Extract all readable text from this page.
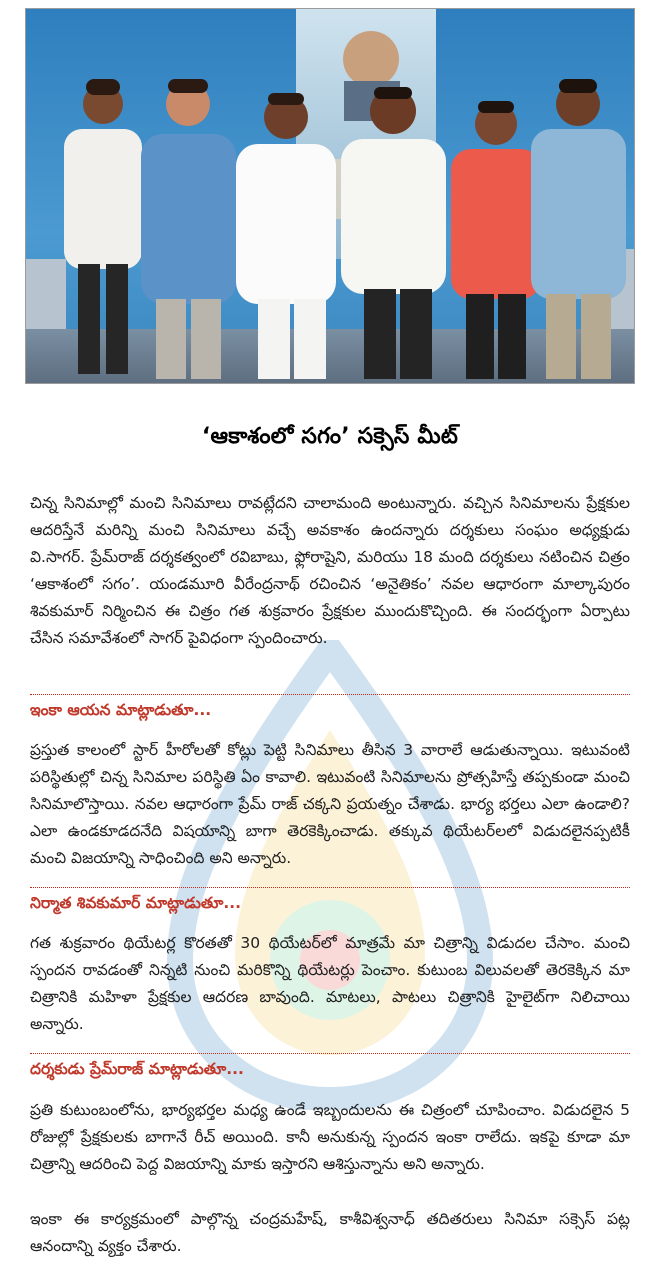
‘ఆకాశంలో సగం’ సక్సెస్ మీట్

చిన్న సినిమాల్లో మంచి సినిమాలు రావట్లేదని చాలామంది అంటున్నారు. వచ్చిన సినిమాలను ప్రేక్షకుల ఆదరిస్తేనే మరిన్ని మంచి సినిమాలు వచ్చే అవకాశం ఉందన్నారు దర్శకులు సంఘం అధ్యక్షుడు వి.సాగర్. ప్రేమ్‌రాజ్ దర్శకత్వంలో రవిబాబు, ఫ్లోరాషైని, మరియు 18 మంది దర్శకులు నటించిన చిత్రం ‘ఆకాశంలో సగం’. యండమూరి వీరేంద్రనాథ్ రచించిన ‘అనైతికం’ నవల ఆధారంగా మాల్కాపురం శివకుమార్ నిర్మించిన ఈ చిత్రం గత శుక్రవారం ప్రేక్షకుల ముందుకొచ్చింది. ఈ సందర్భంగా ఏర్పాటు చేసిన సమావేశంలో సాగర్ పైవిధంగా స్పందించారు.

ఇంకా ఆయన మాట్లాడుతూ...

ప్రస్తుత కాలంలో స్టార్ హీరోలతో కోట్లు పెట్టి సినిమాలు తీసిన 3 వారాలే ఆడుతున్నాయి. ఇటువంటి పరిస్థితుల్లో చిన్న సినిమాల పరిస్థితి ఏం కావాలి. ఇటువంటి సినిమాలను ప్రోత్సహిస్తే తప్పకుండా మంచి సినిమాలొస్తాయి. నవల ఆధారంగా ప్రేమ్ రాజ్ చక్కని ప్రయత్నం చేశాడు. భార్య భర్తలు ఎలా ఉండాలి? ఎలా ఉండకూడదనేది విషయాన్ని బాగా తెరకెక్కించాడు. తక్కువ థియేటర్‌లలో విడుదలైనప్పటికీ మంచి విజయాన్ని సాధించింది అని అన్నారు.

నిర్మాత శివకుమార్ మాట్లాడుతూ...

గత శుక్రవారం థియేటర్ల కొరతతో 30 థియేటర్‌లో మాత్రమే మా చిత్రాన్ని విడుదల చేసాం. మంచి స్పందన రావడంతో నిన్నటి నుంచి మరికొన్ని థియేటర్లు పెంచాం. కుటుంబ విలువలతో తెరకెక్కిన మా చిత్రానికి మహిళా ప్రేక్షకుల ఆదరణ బావుంది. మాటలు, పాటలు చిత్రానికి హైలైట్‌గా నిలిచాయి అన్నారు.

దర్శకుడు ప్రేమ్‌రాజ్ మాట్లాడుతూ...

ప్రతి కుటుంబంలోను, భార్యభర్తల మధ్య ఉండే ఇబ్బందులను ఈ చిత్రంలో చూపించాం. విడుదలైన 5 రోజుల్లో ప్రేక్షకులకు బాగానే రీచ్ అయింది. కానీ అనుకున్న స్పందన ఇంకా రాలేదు. ఇకపై కూడా మా చిత్రాన్ని ఆదరించి పెద్ద విజయాన్ని మాకు ఇస్తారని ఆశిస్తున్నాను అని అన్నారు.

ఇంకా ఈ కార్యక్రమంలో పాల్గొన్న చంద్రమహేష్, కాశీవిశ్వనాధ్ తదితరులు సినిమా సక్సెస్ పట్ల ఆనందాన్ని వ్యక్తం చేశారు.
